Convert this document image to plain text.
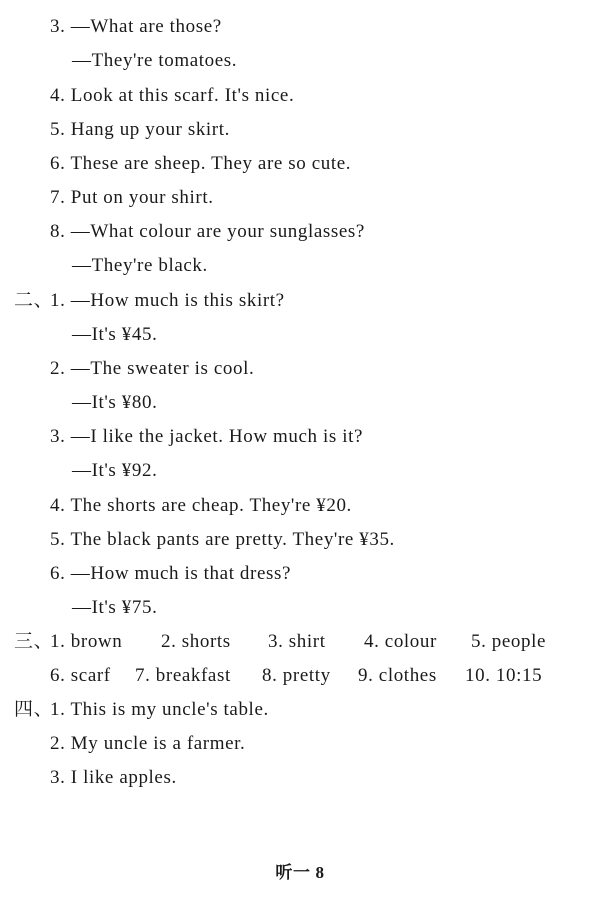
3. —What are those?
—They're tomatoes.
4. Look at this scarf. It's nice.
5. Hang up your skirt.
6. These are sheep. They are so cute.
7. Put on your shirt.
8. —What colour are your sunglasses?
—They're black.
二、
1. —How much is this skirt?
—It's ¥45.
2. —The sweater is cool.
—It's ¥80.
3. —I like the jacket. How much is it?
—It's ¥92.
4. The shorts are cheap. They're ¥20.
5. The black pants are pretty. They're ¥35.
6. —How much is that dress?
—It's ¥75.
三、
1. brown 2. shorts 3. shirt 4. colour 5. people
6. scarf 7. breakfast 8. pretty 9. clothes 10. 10:15
四、
1. This is my uncle's table.
2. My uncle is a farmer.
3. I like apples.
听一 8
